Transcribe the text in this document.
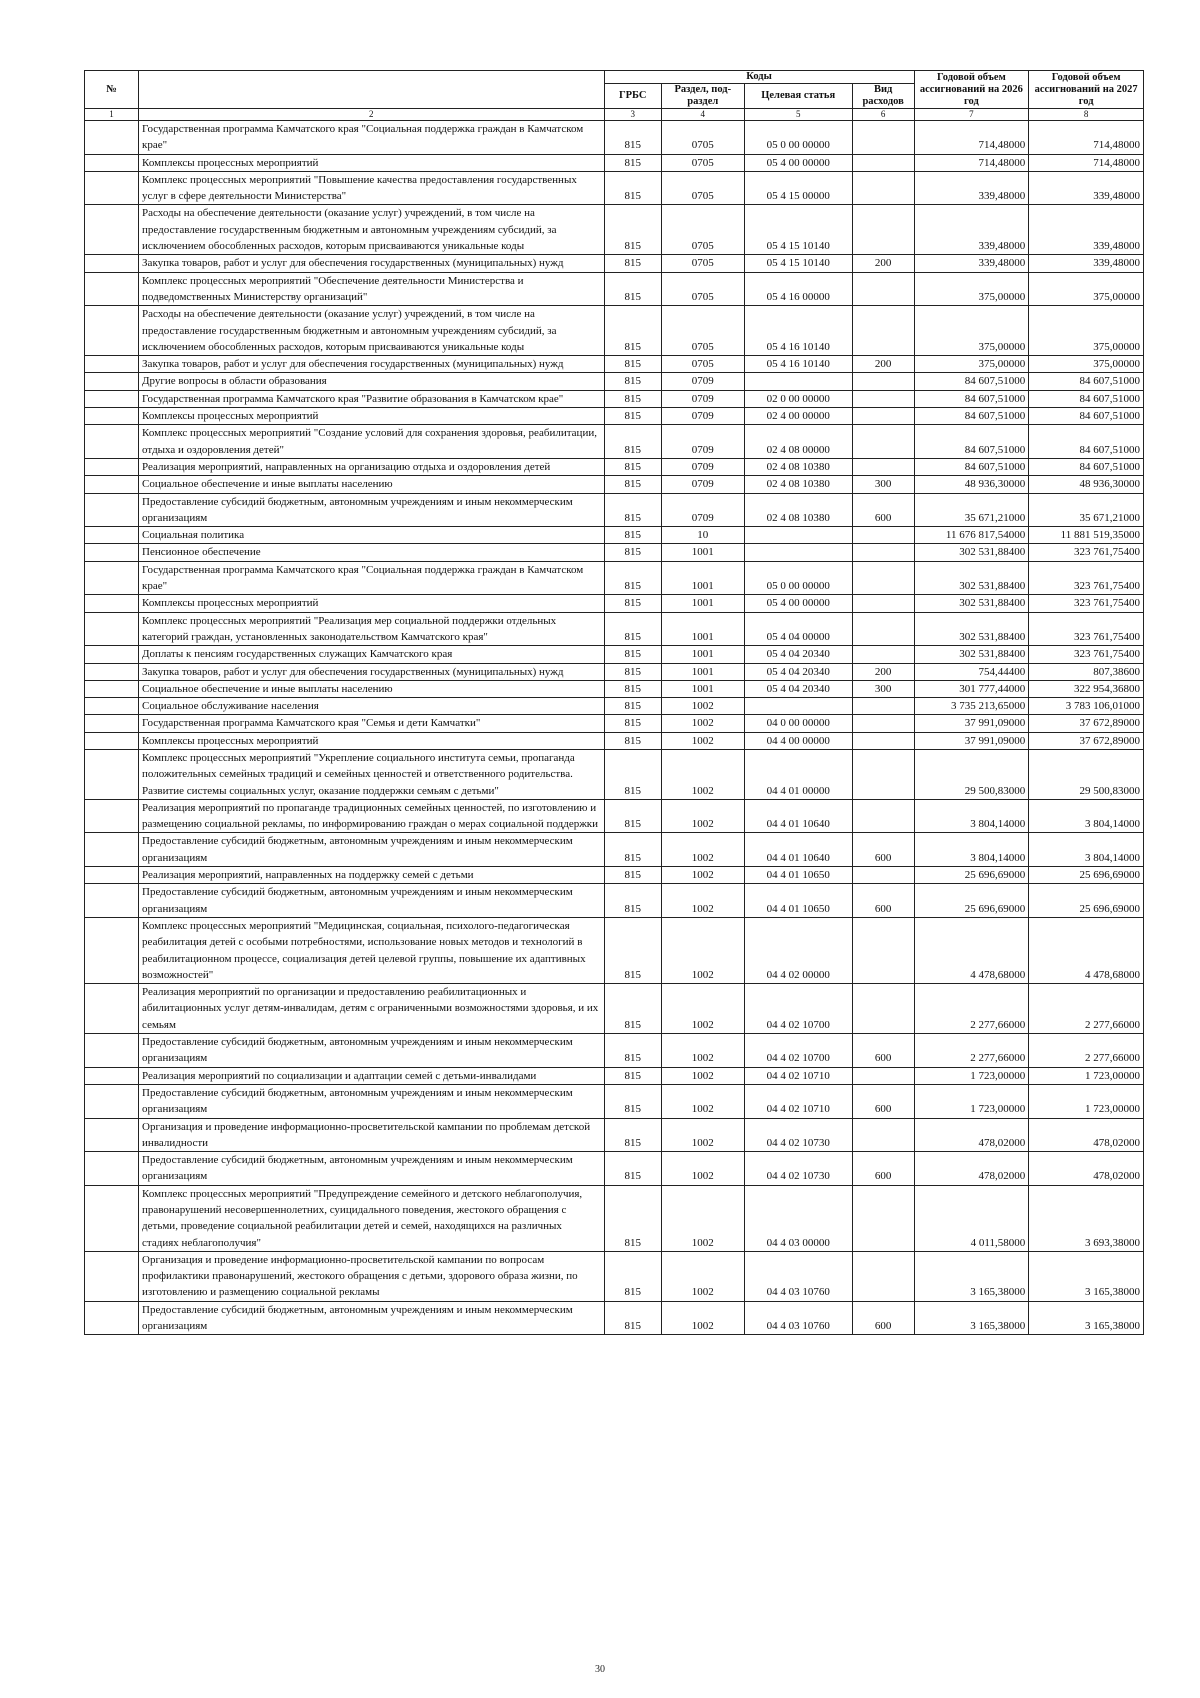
№		Коды				Годовой объем ассигнований на 2026 год	Годовой объем ассигнований на 2027 год
		ГРБС	Раздел, под-раздел	Целевая статья	Вид расходов		
1	2	3	4	5	6	7	8
	Государственная программа Камчатского края "Социальная поддержка граждан в Камчатском крае"	815	0705	05 0 00 00000		714,48000	714,48000
	Комплексы процессных мероприятий	815	0705	05 4 00 00000		714,48000	714,48000
	Комплекс процессных мероприятий "Повышение качества предоставления государственных услуг в сфере деятельности Министерства"	815	0705	05 4 15 00000		339,48000	339,48000
	Расходы на обеспечение деятельности (оказание услуг) учреждений, в том числе на предоставление государственным бюджетным и автономным учреждениям субсидий, за исключением обособленных расходов, которым присваиваются уникальные коды	815	0705	05 4 15 10140		339,48000	339,48000
	Закупка товаров, работ и услуг для обеспечения государственных (муниципальных) нужд	815	0705	05 4 15 10140	200	339,48000	339,48000
	Комплекс процессных мероприятий "Обеспечение деятельности Министерства и подведомственных Министерству организаций"	815	0705	05 4 16 00000		375,00000	375,00000
	Расходы на обеспечение деятельности (оказание услуг) учреждений, в том числе на предоставление государственным бюджетным и автономным учреждениям субсидий, за исключением обособленных расходов, которым присваиваются уникальные коды	815	0705	05 4 16 10140		375,00000	375,00000
	Закупка товаров, работ и услуг для обеспечения государственных (муниципальных) нужд	815	0705	05 4 16 10140	200	375,00000	375,00000
	Другие вопросы в области образования	815	0709			84 607,51000	84 607,51000
	Государственная программа Камчатского края "Развитие образования в Камчатском крае"	815	0709	02 0 00 00000		84 607,51000	84 607,51000
	Комплексы процессных мероприятий	815	0709	02 4 00 00000		84 607,51000	84 607,51000
	Комплекс процессных мероприятий "Создание условий для сохранения здоровья, реабилитации, отдыха и оздоровления детей"	815	0709	02 4 08 00000		84 607,51000	84 607,51000
	Реализация мероприятий, направленных на организацию отдыха и оздоровления детей	815	0709	02 4 08 10380		84 607,51000	84 607,51000
	Социальное обеспечение и иные выплаты населению	815	0709	02 4 08 10380	300	48 936,30000	48 936,30000
	Предоставление субсидий бюджетным, автономным учреждениям и иным некоммерческим организациям	815	0709	02 4 08 10380	600	35 671,21000	35 671,21000
	Социальная политика	815	10			11 676 817,54000	11 881 519,35000
	Пенсионное обеспечение	815	1001			302 531,88400	323 761,75400
	Государственная программа Камчатского края "Социальная поддержка граждан в Камчатском крае"	815	1001	05 0 00 00000		302 531,88400	323 761,75400
	Комплексы процессных мероприятий	815	1001	05 4 00 00000		302 531,88400	323 761,75400
	Комплекс процессных мероприятий "Реализация мер социальной поддержки отдельных категорий граждан, установленных законодательством Камчатского края"	815	1001	05 4 04 00000		302 531,88400	323 761,75400
	Доплаты к пенсиям государственных служащих Камчатского края	815	1001	05 4 04 20340		302 531,88400	323 761,75400
	Закупка товаров, работ и услуг для обеспечения государственных (муниципальных) нужд	815	1001	05 4 04 20340	200	754,44400	807,38600
	Социальное обеспечение и иные выплаты населению	815	1001	05 4 04 20340	300	301 777,44000	322 954,36800
	Социальное обслуживание населения	815	1002			3 735 213,65000	3 783 106,01000
	Государственная программа Камчатского края "Семья и дети Камчатки"	815	1002	04 0 00 00000		37 991,09000	37 672,89000
	Комплексы процессных мероприятий	815	1002	04 4 00 00000		37 991,09000	37 672,89000
	Комплекс процессных мероприятий "Укрепление социального института семьи, пропаганда положительных семейных традиций и семейных ценностей и ответственного родительства. Развитие системы социальных услуг, оказание поддержки семьям с детьми"	815	1002	04 4 01 00000		29 500,83000	29 500,83000
	Реализация мероприятий по пропаганде традиционных семейных ценностей, по изготовлению и размещению социальной рекламы, по информированию граждан о мерах социальной поддержки	815	1002	04 4 01 10640		3 804,14000	3 804,14000
	Предоставление субсидий бюджетным, автономным учреждениям и иным некоммерческим организациям	815	1002	04 4 01 10640	600	3 804,14000	3 804,14000
	Реализация мероприятий, направленных на поддержку семей с детьми	815	1002	04 4 01 10650		25 696,69000	25 696,69000
	Предоставление субсидий бюджетным, автономным учреждениям и иным некоммерческим организациям	815	1002	04 4 01 10650	600	25 696,69000	25 696,69000
	Комплекс процессных мероприятий "Медицинская, социальная, психолого-педагогическая реабилитация детей с особыми потребностями, использование новых методов и технологий в реабилитационном процессе, социализация детей целевой группы, повышение их адаптивных возможностей"	815	1002	04 4 02 00000		4 478,68000	4 478,68000
	Реализация мероприятий по организации и предоставлению реабилитационных и абилитационных услуг детям-инвалидам, детям с ограниченными возможностями здоровья, и их семьям	815	1002	04 4 02 10700		2 277,66000	2 277,66000
	Предоставление субсидий бюджетным, автономным учреждениям и иным некоммерческим организациям	815	1002	04 4 02 10700	600	2 277,66000	2 277,66000
	Реализация мероприятий по социализации и адаптации семей с детьми-инвалидами	815	1002	04 4 02 10710		1 723,00000	1 723,00000
	Предоставление субсидий бюджетным, автономным учреждениям и иным некоммерческим организациям	815	1002	04 4 02 10710	600	1 723,00000	1 723,00000
	Организация и проведение информационно-просветительской кампании по проблемам детской инвалидности	815	1002	04 4 02 10730		478,02000	478,02000
	Предоставление субсидий бюджетным, автономным учреждениям и иным некоммерческим организациям	815	1002	04 4 02 10730	600	478,02000	478,02000
	Комплекс процессных мероприятий "Предупреждение семейного и детского неблагополучия, правонарушений несовершеннолетних, суицидального поведения, жестокого обращения с детьми, проведение социальной реабилитации детей и семей, находящихся на различных стадиях неблагополучия"	815	1002	04 4 03 00000		4 011,58000	3 693,38000
	Организация и проведение информационно-просветительской кампании по вопросам профилактики правонарушений, жестокого обращения с детьми, здорового образа жизни, по изготовлению и размещению социальной рекламы	815	1002	04 4 03 10760		3 165,38000	3 165,38000
	Предоставление субсидий бюджетным, автономным учреждениям и иным некоммерческим организациям	815	1002	04 4 03 10760	600	3 165,38000	3 165,38000
30
